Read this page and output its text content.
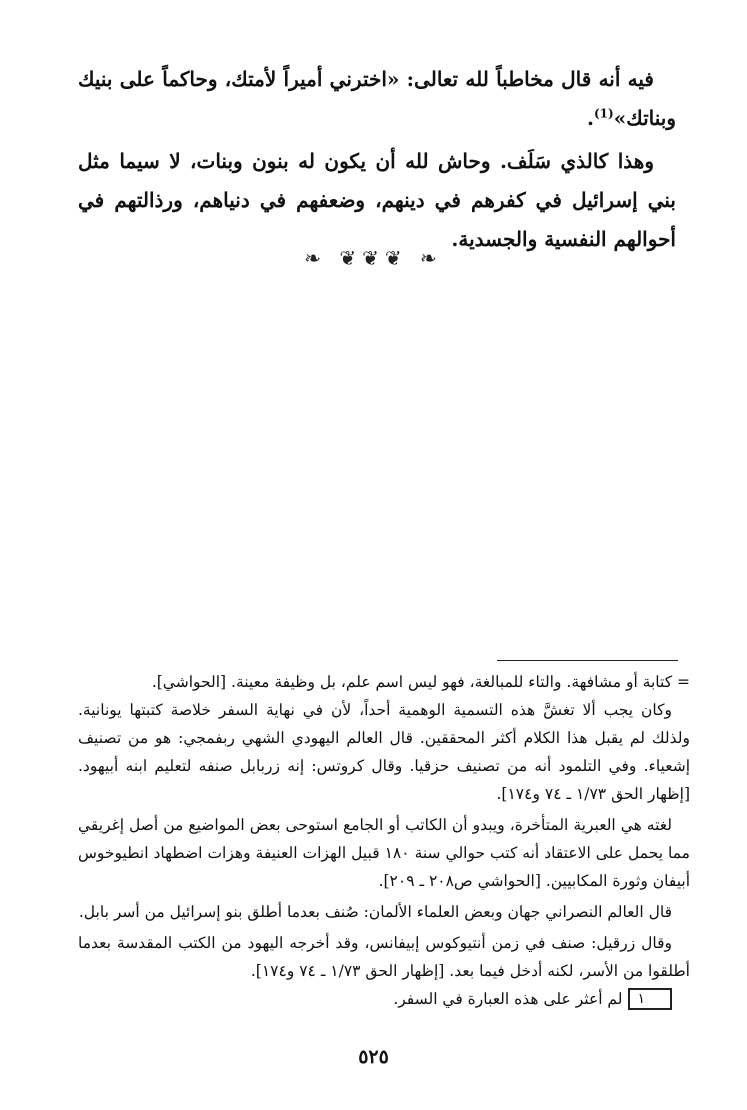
فيه أنه قال مخاطباً لله تعالى: «اخترني أميراً لأمتك، وحاكماً على بنيك وبناتك»$^{(1)}$.

وهذا كالذي سَلَف. وحاش لله أن يكون له بنون وبنات، لا سيما مثل بني إسرائيل في كفرهم في دينهم، وضعفهم في دنياهم، ورذالتهم في أحوالهم النفسية والجسدية.

❧ ❦❦❦ ❧

= كتابة أو مشافهة. والتاء للمبالغة، فهو ليس اسم علم، بل وظيفة معينة. [الحواشي].

وكان يجب ألا تغشَّ هذه التسمية الوهمية أحداً، لأن في نهاية السفر خلاصة كتبتها يونانية. ولذلك لم يقبل هذا الكلام أكثر المحققين. قال العالم اليهودي الشهي ربفمجي: هو من تصنيف إشعياء. وفي التلمود أنه من تصنيف حزقيا. وقال كروتس: إنه زربابل صنفه لتعليم ابنه أبيهود. [إظهار الحق ١/٧٣ ـ ٧٤ و١٧٤].

لغته هي العبرية المتأخرة، ويبدو أن الكاتب أو الجامع استوحى بعض المواضيع من أصل إغريقي مما يحمل على الاعتقاد أنه كتب حوالي سنة ١٨٠ قبيل الهزات العنيفة وهزات اضطهاد انطيوخوس أبيفان وثورة المكابيين. [الحواشي ص٢٠٨ ـ ٢٠٩].

قال العالم النصراني جهان وبعض العلماء الألمان: صُنف بعدما أطلق بنو إسرائيل من أسر بابل.

وقال زرقيل: صنف في زمن أنتيوكوس إبيفانس، وقد أخرجه اليهود من الكتب المقدسة بعدما أطلقوا من الأسر، لكنه أدخل فيما بعد. [إظهار الحق ١/٧٣ ـ ٧٤ و١٧٤].

١لم أعثر على هذه العبارة في السفر.

٥٢٥
